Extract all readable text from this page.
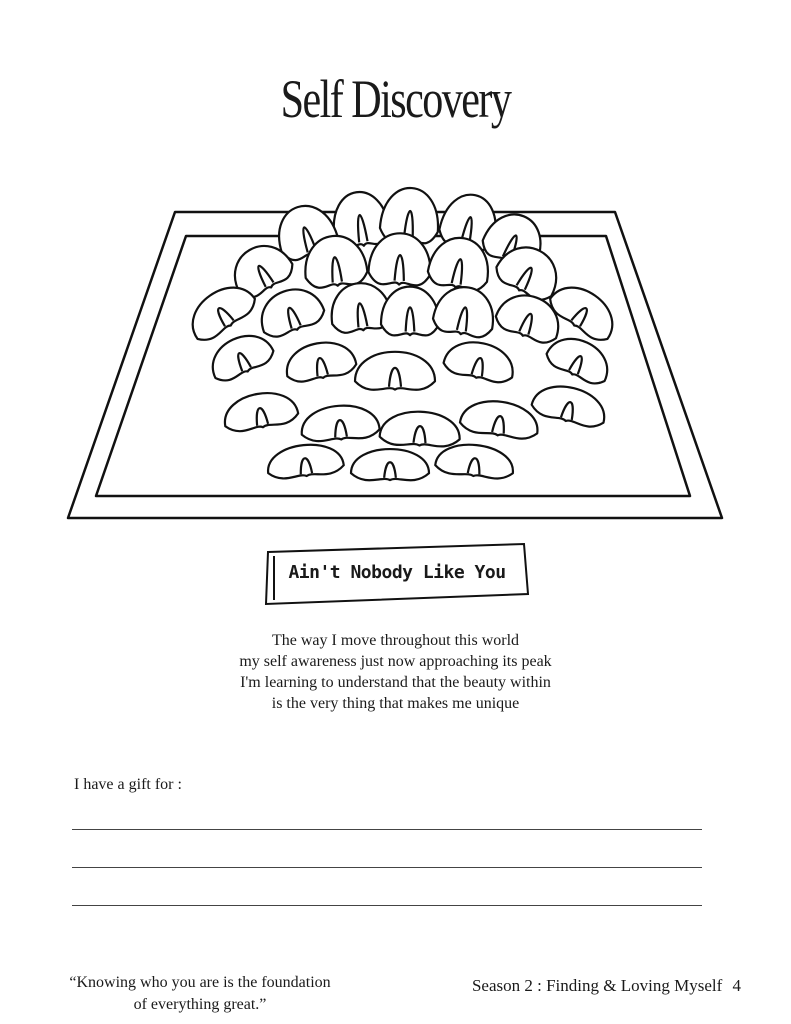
Self Discovery
Ain't Nobody Like You
The way I move throughout this world
my self awareness just now approaching its peak
I'm learning to understand that the beauty within
is the very thing that makes me unique
I have a gift for :
“Knowing who you are is the foundation
of everything great.”
Season 2 : Finding & Loving Myself 4
